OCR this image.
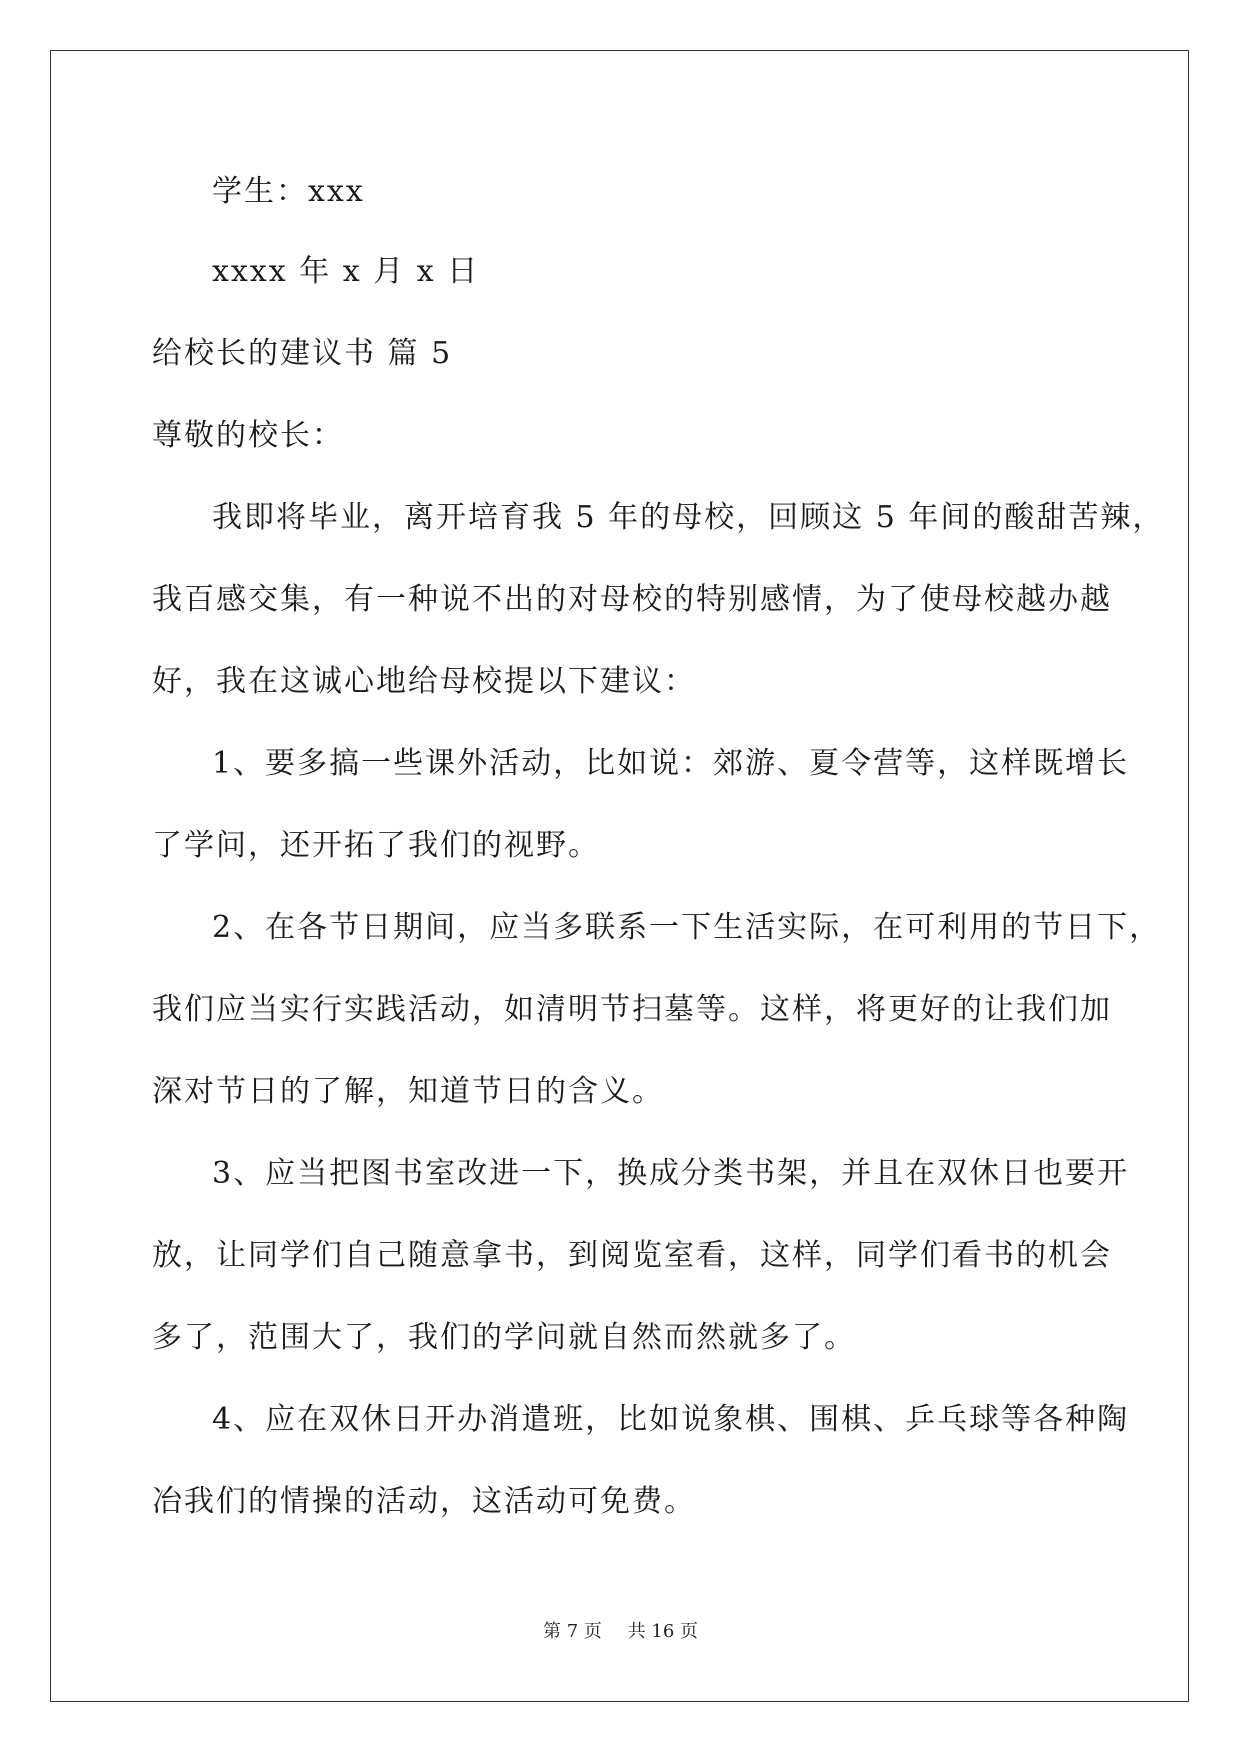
学生：xxx
xxxx 年 x 月 x 日
给校长的建议书 篇 5
尊敬的校长：
我即将毕业，离开培育我 5 年的母校，回顾这 5 年间的酸甜苦辣，
我百感交集，有一种说不出的对母校的特别感情，为了使母校越办越
好，我在这诚心地给母校提以下建议：
1、要多搞一些课外活动，比如说：郊游、夏令营等，这样既增长
了学问，还开拓了我们的视野。
2、在各节日期间，应当多联系一下生活实际，在可利用的节日下，
我们应当实行实践活动，如清明节扫墓等。这样，将更好的让我们加
深对节日的了解，知道节日的含义。
3、应当把图书室改进一下，换成分类书架，并且在双休日也要开
放，让同学们自己随意拿书，到阅览室看，这样，同学们看书的机会
多了，范围大了，我们的学问就自然而然就多了。
4、应在双休日开办消遣班，比如说象棋、围棋、乒乓球等各种陶
冶我们的情操的活动，这活动可免费。
第 7 页 共 16 页
